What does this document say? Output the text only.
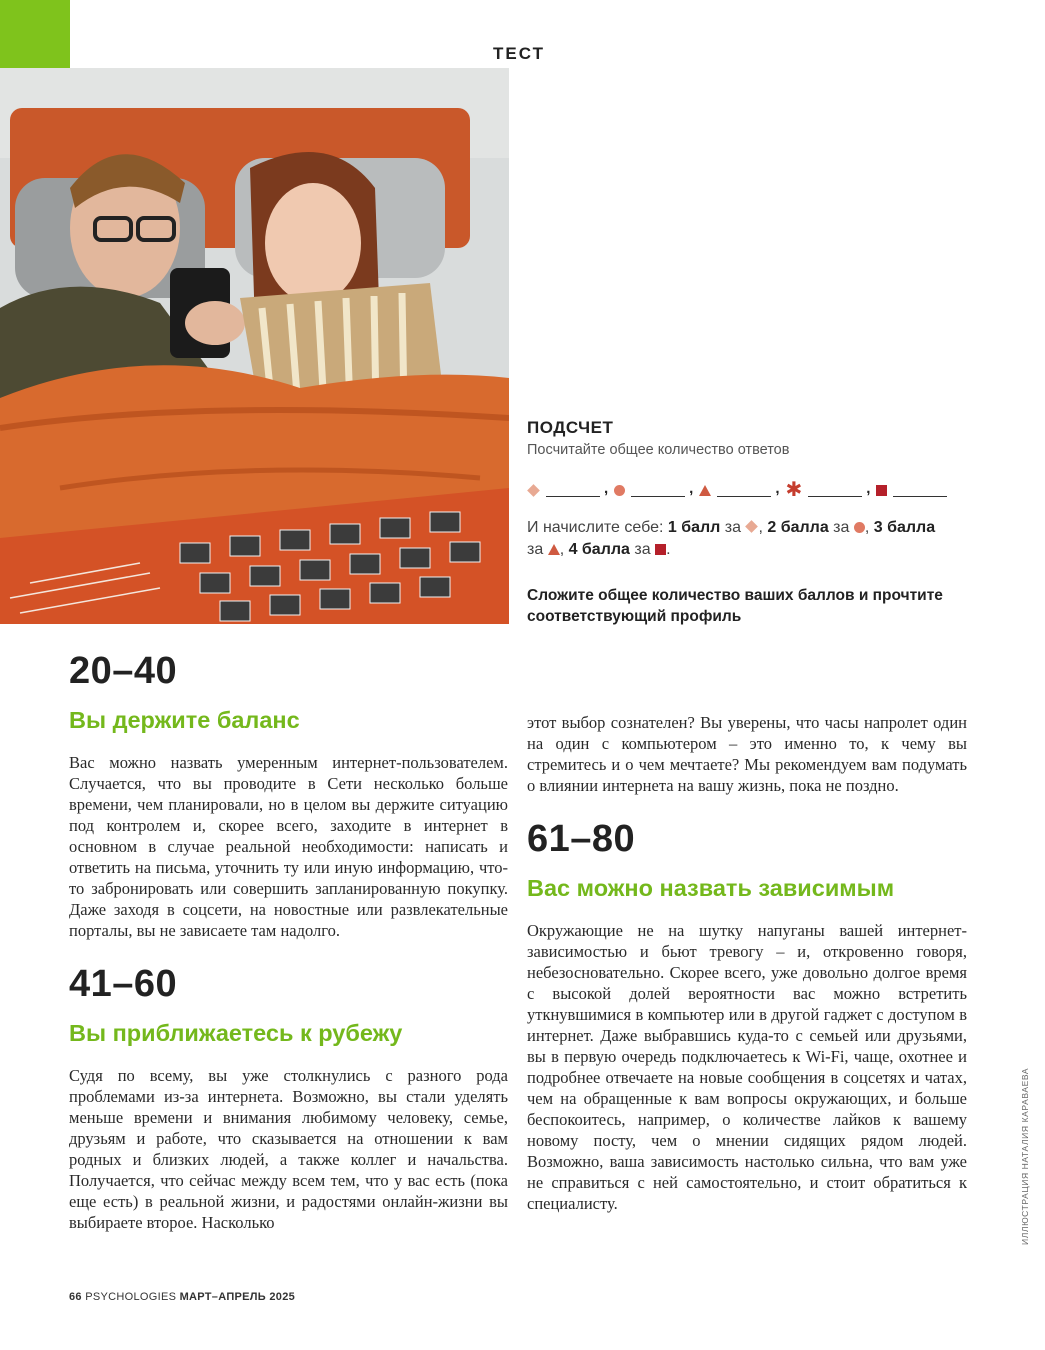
ТЕСТ
ПОДСЧЕТ
Посчитайте общее количество ответов
,	,	, ✱	,
И начислите себе: 1 балл за , 2 балла за , 3 балла
за , 4 балла за .
Сложите общее количество ваших баллов и прочтите соответствующий профиль
20–40
Вы держите баланс
Вас можно назвать умеренным интернет-пользователем. Случается, что вы проводите в Сети несколько больше времени, чем планировали, но в целом вы держите ситуацию под контролем и, скорее всего, заходите в интернет в основном в случае реальной необходимости: написать и ответить на письма, уточнить ту или иную информацию, что-то забронировать или совершить запланированную покупку. Даже заходя в соцсети, на новостные или развлекательные порталы, вы не зависаете там надолго.
41–60
Вы приближаетесь к рубежу
Судя по всему, вы уже столкнулись с разного рода проблемами из-за интернета. Возможно, вы стали уделять меньше времени и внимания любимому человеку, семье, друзьям и работе, что сказывается на отношении к вам родных и близких людей, а также коллег и начальства. Получается, что сейчас между всем тем, что у вас есть (пока еще есть) в реальной жизни, и радостями онлайн-жизни вы выбираете второе. Насколько
этот выбор сознателен? Вы уверены, что часы напролет один на один с компьютером – это именно то, к чему вы стремитесь и о чем мечтаете? Мы рекомендуем вам подумать о влиянии интернета на вашу жизнь, пока не поздно.
61–80
Вас можно назвать зависимым
Окружающие не на шутку напуганы вашей интернет-зависимостью и бьют тревогу – и, откровенно говоря, небезосновательно. Скорее всего, уже довольно долгое время с высокой долей вероятности вас можно встретить уткнувшимися в компьютер или в другой гаджет с доступом в интернет. Даже выбравшись куда-то с семьей или друзьями, вы в первую очередь подключаетесь к Wi-Fi, чаще, охотнее и подробнее отвечаете на новые сообщения в соцсетях и чатах, чем на обращенные к вам вопросы окружающих, и больше беспокоитесь, например, о количестве лайков к вашему новому посту, чем о мнении сидящих рядом людей. Возможно, ваша зависимость настолько сильна, что вам уже не справиться с ней самостоятельно, и стоит обратиться к специалисту.
66 PSYCHOLOGIES МАРТ–АПРЕЛЬ 2025
ИЛЛЮСТРАЦИЯ НАТАЛИЯ КАРАВАЕВА
